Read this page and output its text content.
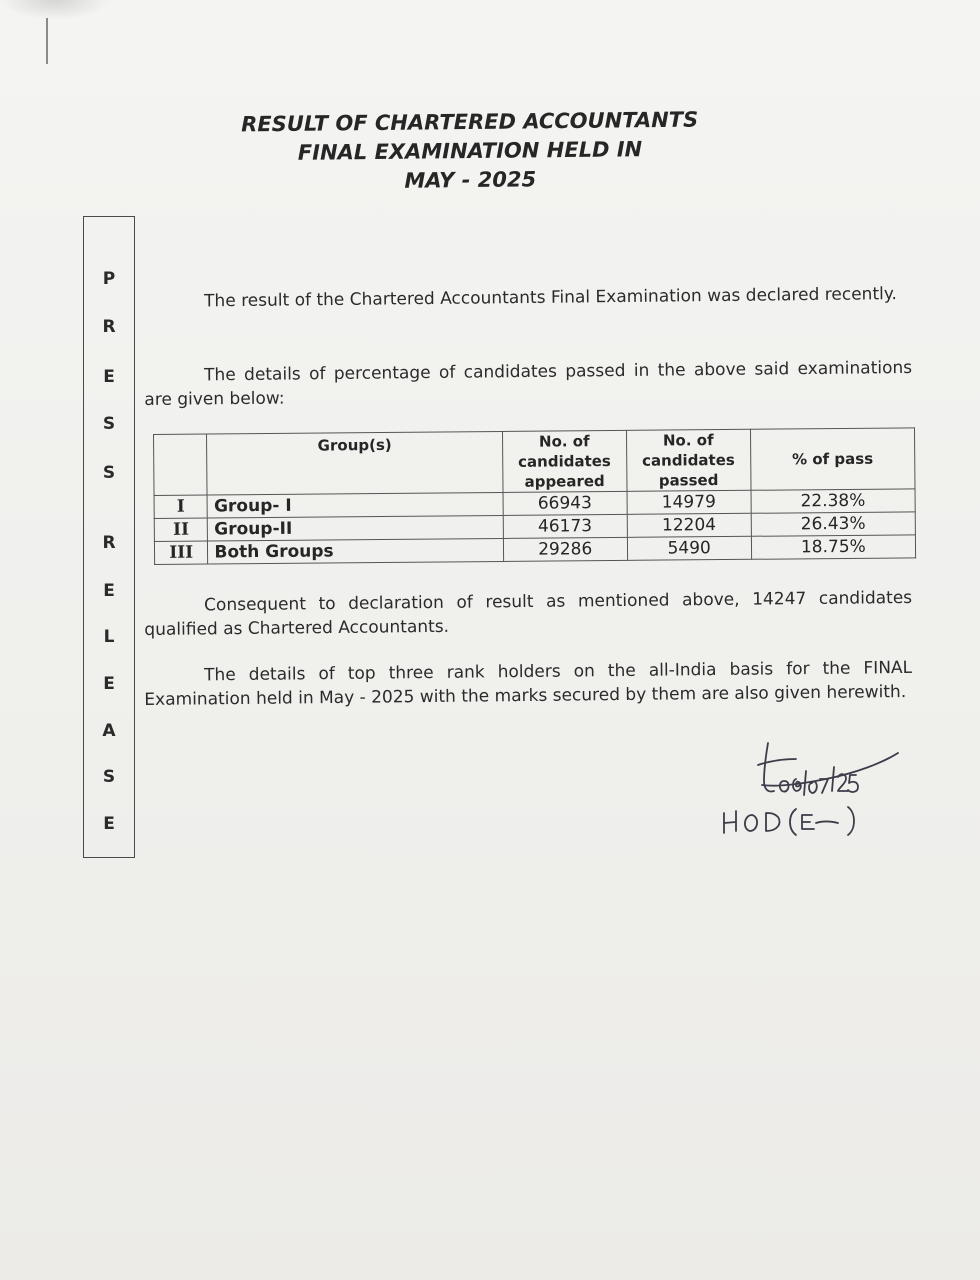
RESULT OF CHARTERED ACCOUNTANTS
FINAL EXAMINATION HELD IN
MAY - 2025
P
R
E
S
S
R
E
L
E
A
S
E
The result of the Chartered Accountants Final Examination was declared recently.
The details of percentage of candidates passed in the above said examinations are given below:
	Group(s)	No. of candidates appeared	No. of candidates passed	% of pass
I	Group- I	66943	14979	22.38%
II	Group-II	46173	12204	26.43%
III	Both Groups	29286	5490	18.75%
Consequent to declaration of result as mentioned above, 14247 candidates qualified as Chartered Accountants.
The details of top three rank holders on the all-India basis for the FINAL Examination held in May - 2025 with the marks secured by them are also given herewith.
